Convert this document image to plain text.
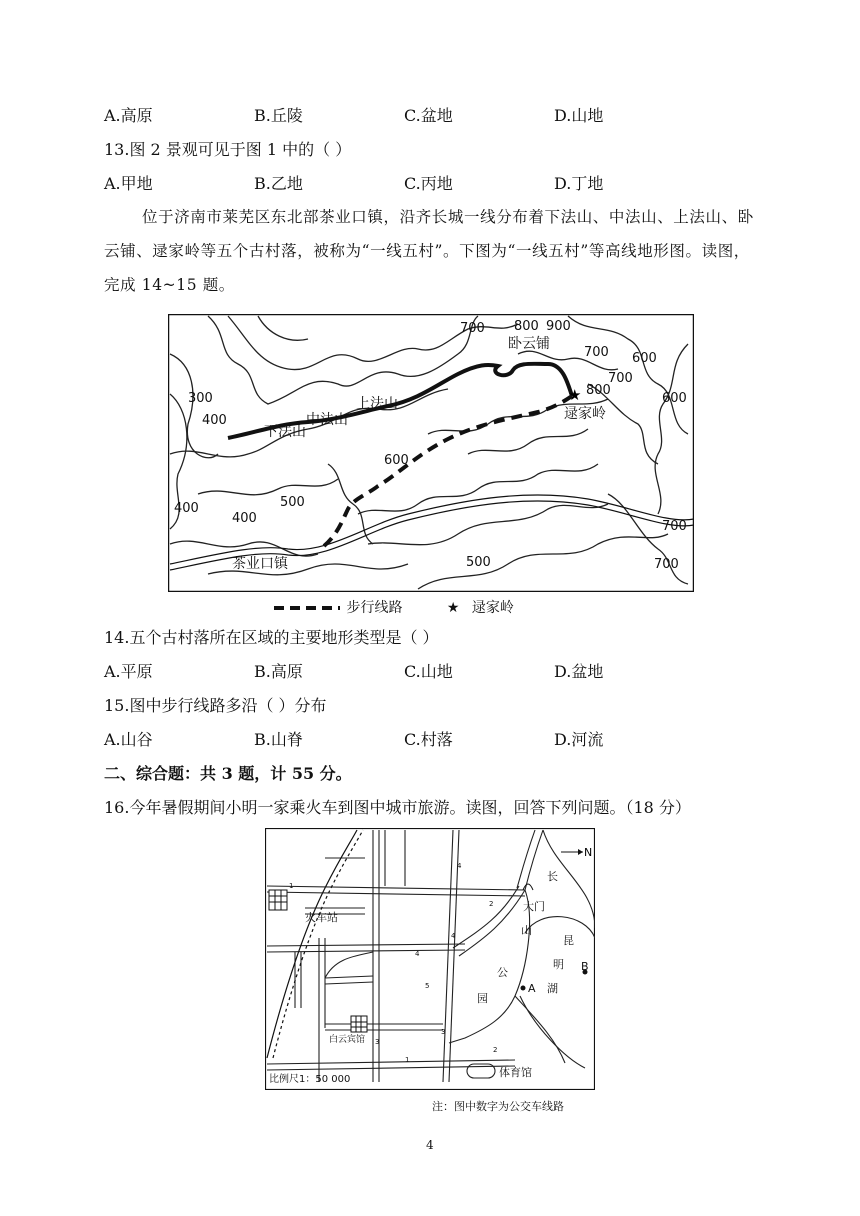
A.高原	B.丘陵	C.盆地	D.山地
13.图 2 景观可见于图 1 中的（ ）
A.甲地	B.乙地	C.丙地	D.丁地
位于济南市莱芜区东北部茶业口镇，沿齐长城一线分布着下法山、中法山、上法山、卧云铺、逯家岭等五个古村落，被称为“一线五村”。下图为“一线五村”等高线地形图。读图，完成 14~15 题。
★
700 800 900
700 600
700
800
600
300
400
600
500
400
400
700
500	700
卧云铺
上法山
中法山
下法山
逯家岭
茶业口镇
步行线路	★ 逯家岭
14.五个古村落所在区域的主要地形类型是（ ）
A.平原	B.高原	C.山地	D.盆地
15.图中步行线路多沿（ ）分布
A.山谷	B.山脊	C.村落	D.河流
二、综合题：共 3 题，计 55 分。
16.今年暑假期间小明一家乘火车到图中城市旅游。读图，回答下列问题。（18 分）
N
火车站
大门
长
山
公
园
昆
明
湖
白云宾馆
体育馆
比例尺1：50 000
A
B
1
4
2
4
3
1
3
2
5
4
注：图中数字为公交车线路
4
